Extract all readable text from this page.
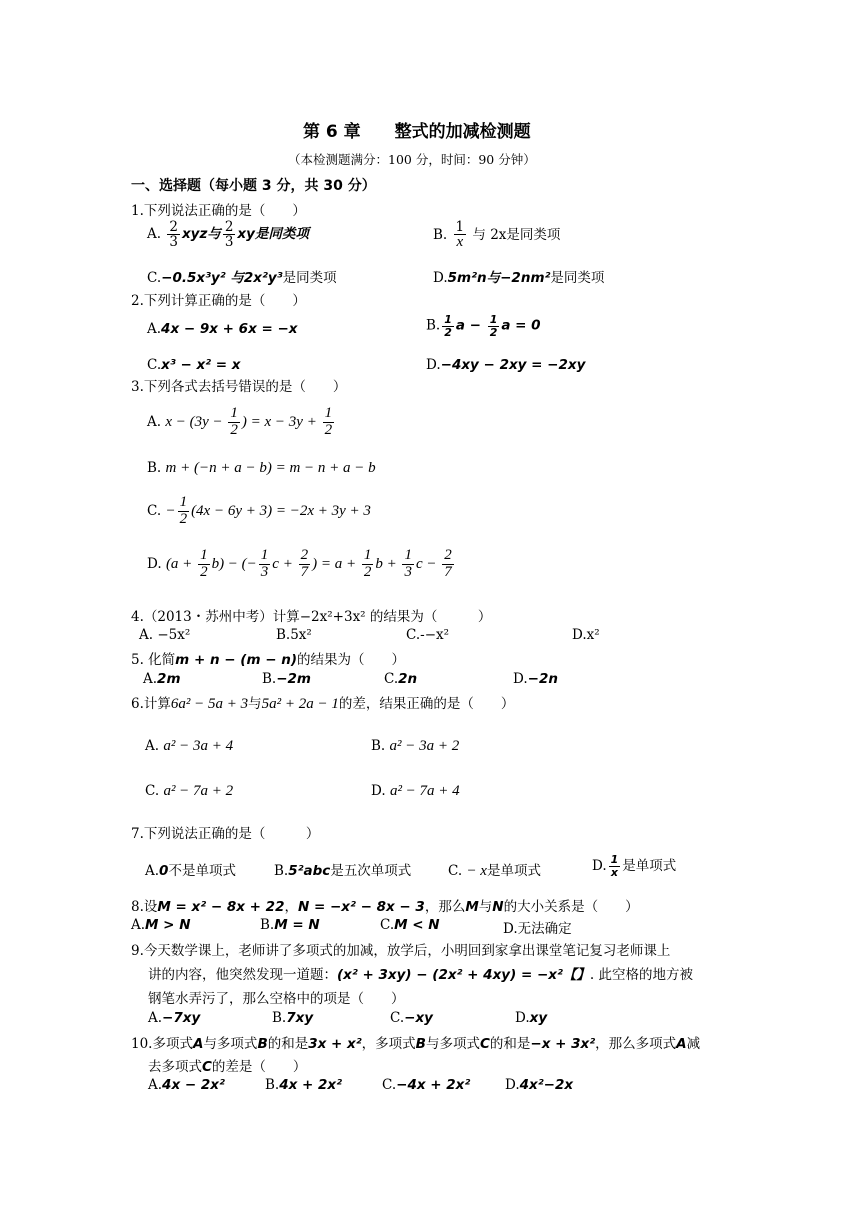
第 6 章　　整式的加减检测题
（本检测题满分：100 分，时间：90 分钟）
一、选择题（每小题 3 分，共 30 分）
1.下列说法正确的是（　　）
A. $\frac{2}{3}$ xyz与 $\frac{2}{3}$ xy是同类项	B. $\frac{1}{x}$ 与 2x是同类项
C.−0.5x³y² 与2x²y³是同类项	D.5m²n与−2nm²是同类项
2.下列计算正确的是（　　）
A.4x − 9x + 6x = −x	B. $\frac{1}{2}$ $a - \frac{1}{2}$ a = 0
C.x³ − x² = x	D.−4xy − 2xy = −2xy
3.下列各式去括号错误的是（　　）
A. $x - (3y - \frac{1}{2}$ ) = $x - 3y + \frac{1}{2}$
B. m + (−n + a − b) = m − n + a − b
C. − $\frac{1}{2} (4x - 6y + 3) = -2x + 3y + 3$
D. $(a + \frac{1}{2} b)$ − (− $\frac{1}{3}$ $c + \frac{2}{7}$ ) = $a + \frac{1}{2}$ $b + \frac{1}{3}$ $c - \frac{2}{7}$
4.（2013・苏州中考）计算−2x²+3x² 的结果为（　　　）
A. −5x²	B.5x²	C.-−x²	D.x²
5. 化简m + n − (m − n)的结果为（　　）
A.2m	B.−2m	C.2n	D.−2n
6.计算6a² − 5a + 3与5a² + 2a − 1的差，结果正确的是（　　）
A. a² − 3a + 4	B. a² − 3a + 2
C. a² − 7a + 2	D. a² − 7a + 4
7.下列说法正确的是（　　　）
A.0不是单项式	B.5²abc是五次单项式	C. − x是单项式	D. $\frac{1}{x}$ 是单项式
8.设M = x² − 8x + 22，N = −x² − 8x − 3，那么M与N的大小关系是（　　）
A.M > N	B.M = N	C.M < N	D.无法确定
9.今天数学课上，老师讲了多项式的加减，放学后，小明回到家拿出课堂笔记复习老师课上
讲的内容，他突然发现一道题：(x² + 3xy) − (2x² + 4xy) = −x²【】. 此空格的地方被
钢笔水弄污了，那么空格中的项是（　　）
A.−7xy	B.7xy	C.−xy	D.xy
10.多项式A与多项式B的和是3x + x²，多项式B与多项式C的和是−x + 3x²，那么多项式A减
去多项式C的差是（　　）
A.4x − 2x²	B.4x + 2x²	C.−4x + 2x²	D.4x²−2x
